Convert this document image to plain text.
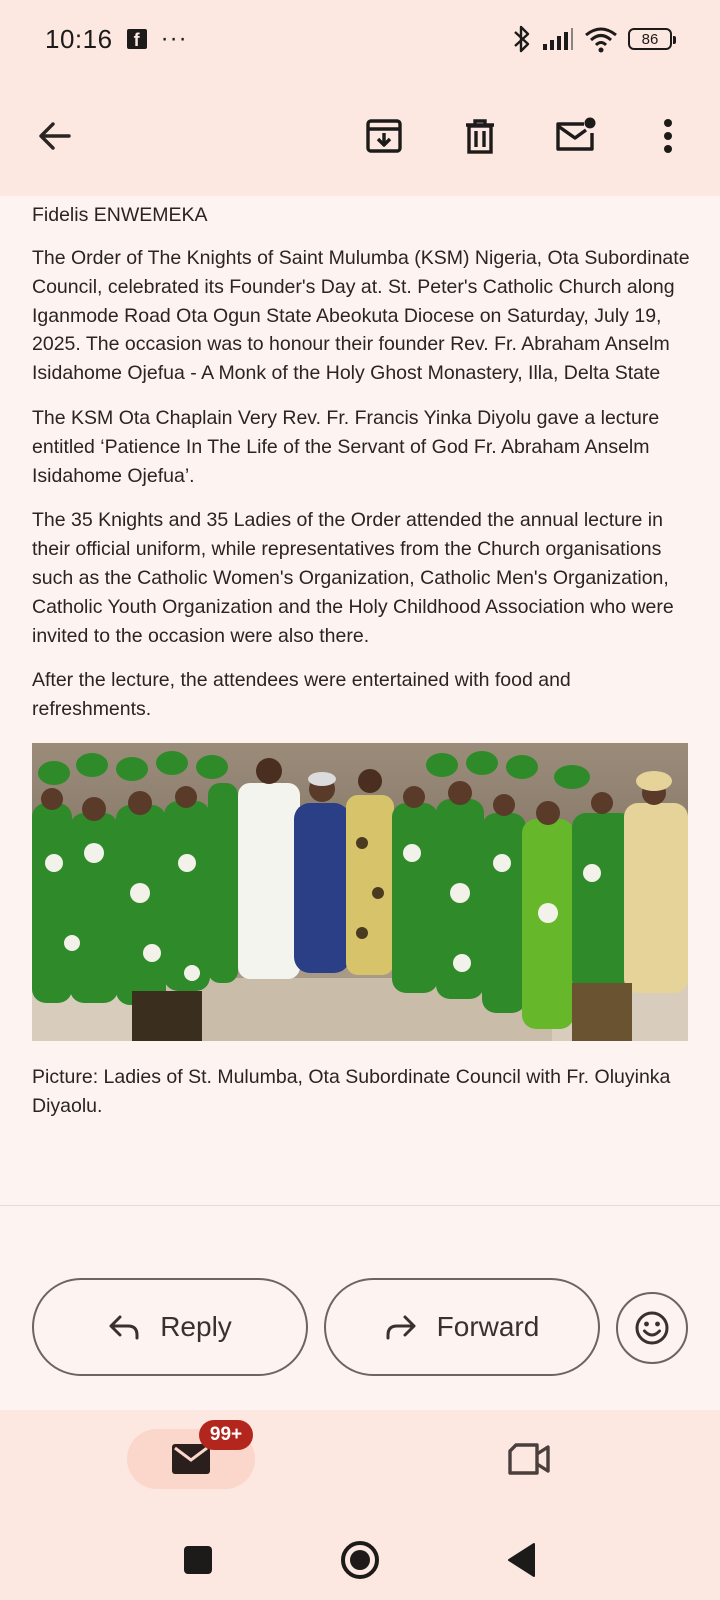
10:16	f ···	86
Fidelis ENWEMEKA

The Order of The Knights of Saint Mulumba (KSM) Nigeria, Ota Subordinate Council, celebrated its Founder's Day at. St. Peter's Catholic Church along Iganmode Road Ota Ogun State Abeokuta Diocese on Saturday, July 19, 2025. The occasion was to honour their founder Rev. Fr. Abraham Anselm Isidahome Ojefua - A Monk of the Holy Ghost Monastery, Illa, Delta State

The KSM Ota Chaplain Very Rev. Fr. Francis Yinka Diyolu gave a lecture entitled ‘Patience In The Life of the Servant of God Fr. Abraham Anselm Isidahome Ojefua’.

The 35 Knights and 35 Ladies of the Order attended the annual lecture in their official uniform, while representatives from the Church organisations such as the Catholic Women's Organization, Catholic Men's Organization, Catholic Youth Organization and the Holy Childhood Association who were invited to the occasion were also there.

After the lecture, the attendees were entertained with food and refreshments.

Picture: Ladies of St. Mulumba, Ota Subordinate Council with Fr. Oluyinka Diyaolu.

Reply	Forward
99+
